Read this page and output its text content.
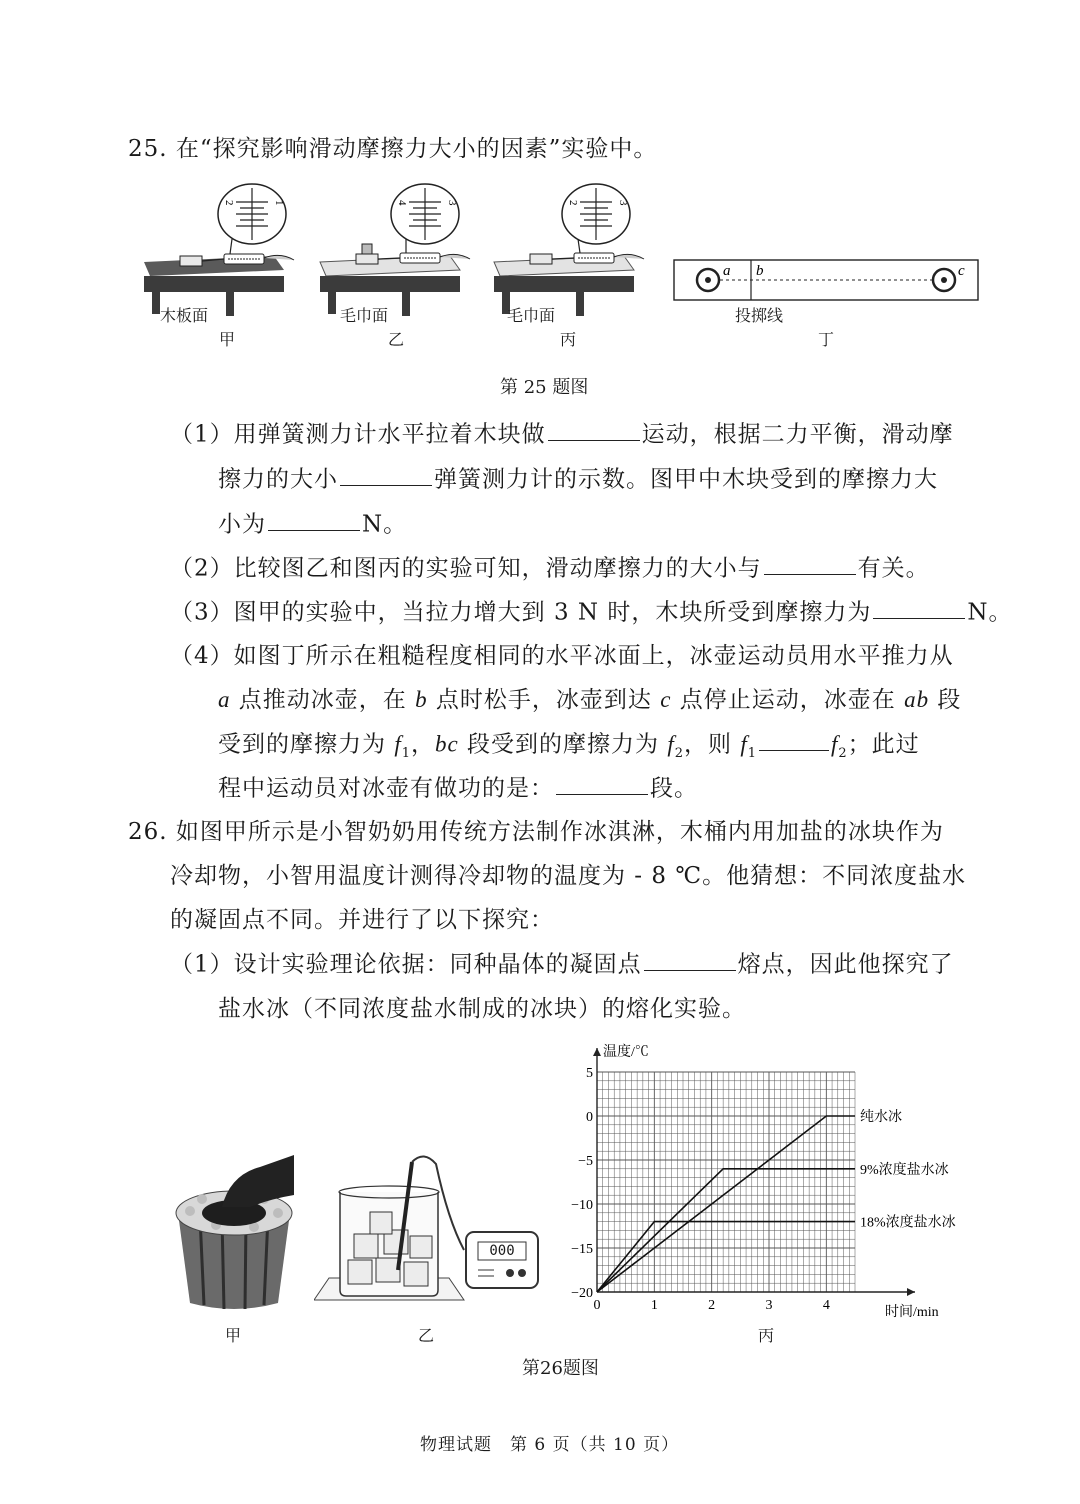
25. 在“探究影响滑动摩擦力大小的因素”实验中。
2	1	4	3	2	3
a b	c
木板面	毛巾面	毛巾面	投掷线
甲	乙	丙	丁
第 25 题图
（1）用弹簧测力计水平拉着木块做	运动，根据二力平衡，滑动摩
擦力的大小	弹簧测力计的示数。图甲中木块受到的摩擦力大
小为	N。
（2）比较图乙和图丙的实验可知，滑动摩擦力的大小与	有关。
（3）图甲的实验中，当拉力增大到 3 N 时，木块所受到摩擦力为	N。
（4）如图丁所示在粗糙程度相同的水平冰面上，冰壶运动员用水平推力从
a 点推动冰壶，在 b 点时松手，冰壶到达 c 点停止运动，冰壶在 ab 段
受到的摩擦力为 $f_1$，bc 段受到的摩擦力为 $f_2$，则 $f_1$	$f_2$；此过
程中运动员对冰壶有做功的是：	段。
26. 如图甲所示是小智奶奶用传统方法制作冰淇淋，木桶内用加盐的冰块作为
冷却物，小智用温度计测得冷却物的温度为 - 8 ℃。他猜想：不同浓度盐水
的凝固点不同。并进行了以下探究：
（1）设计实验理论依据：同种晶体的凝固点	熔点，因此他探究了
盐水冰（不同浓度盐水制成的冰块）的熔化实验。
000
甲	乙	丙
0	1	2	3	4
5
0
−5
−10
−15
−20
温度/℃
时间/min
纯水冰
9%浓度盐水冰
18%浓度盐水冰
第26题图
物理试题　第 6 页（共 10 页）
